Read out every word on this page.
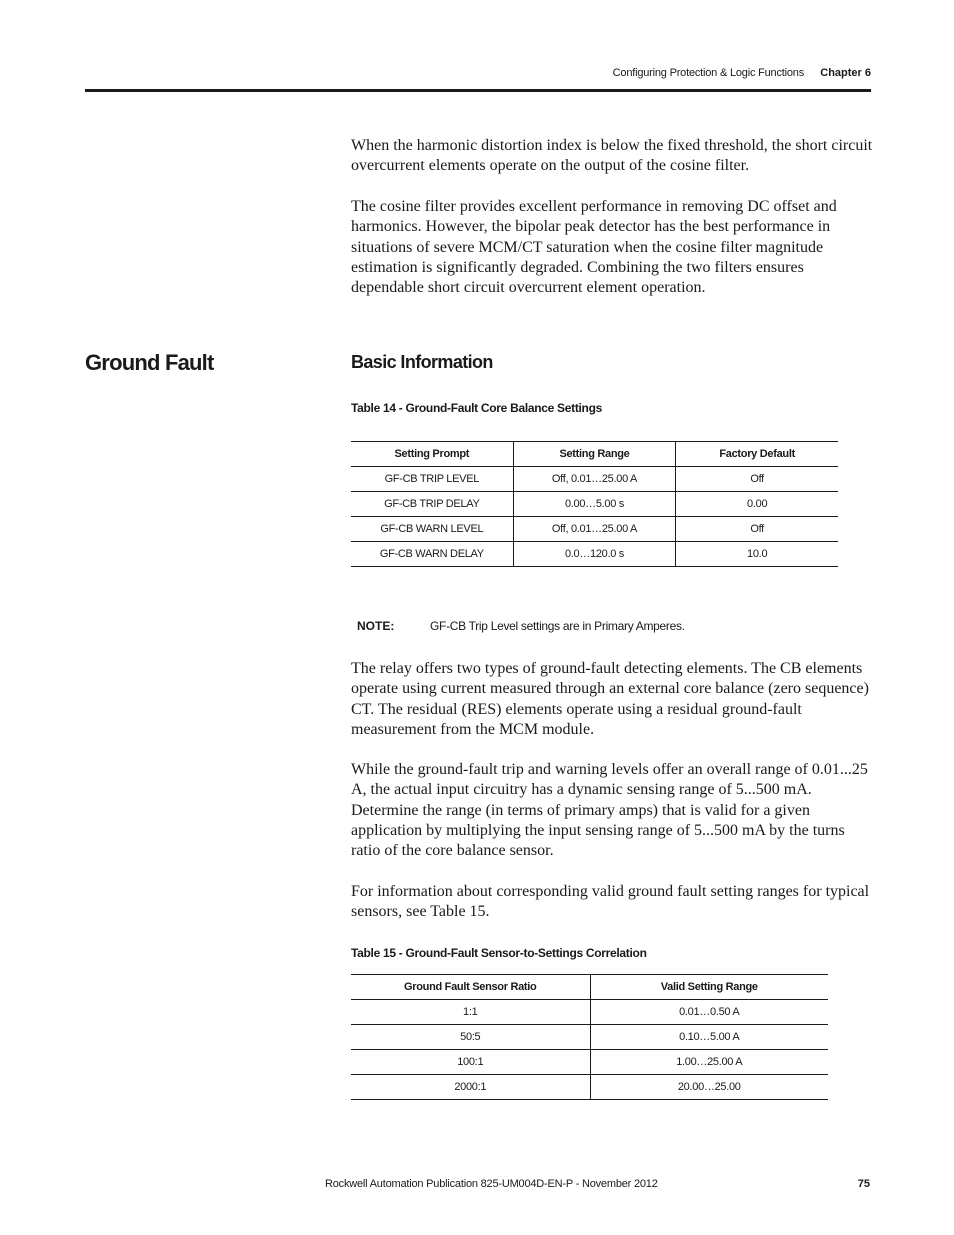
Configuring Protection & Logic Functions Chapter 6

When the harmonic distortion index is below the fixed threshold, the short circuit overcurrent elements operate on the output of the cosine filter.

The cosine filter provides excellent performance in removing DC offset and harmonics. However, the bipolar peak detector has the best performance in situations of severe MCM/CT saturation when the cosine filter magnitude estimation is significantly degraded. Combining the two filters ensures dependable short circuit overcurrent element operation.

Ground Fault	Basic Information
Table 14 - Ground-Fault Core Balance Settings
Setting Prompt	Setting Range	Factory Default
GF-CB TRIP LEVEL	Off, 0.01…25.00 A	Off
GF-CB TRIP DELAY	0.00…5.00 s	0.00
GF-CB WARN LEVEL	Off, 0.01…25.00 A	Off
GF-CB WARN DELAY	0.0…120.0 s	10.0
NOTE:	GF-CB Trip Level settings are in Primary Amperes.

The relay offers two types of ground-fault detecting elements. The CB elements operate using current measured through an external core balance (zero sequence) CT. The residual (RES) elements operate using a residual ground-fault measurement from the MCM module.

While the ground-fault trip and warning levels offer an overall range of 0.01...25 A, the actual input circuitry has a dynamic sensing range of 5...500 mA. Determine the range (in terms of primary amps) that is valid for a given application by multiplying the input sensing range of 5...500 mA by the turns ratio of the core balance sensor.

For information about corresponding valid ground fault setting ranges for typical sensors, see Table 15.

Table 15 - Ground-Fault Sensor-to-Settings Correlation
Ground Fault Sensor Ratio	Valid Setting Range
1:1	0.01…0.50 A
50:5	0.10…5.00 A
100:1	1.00…25.00 A
2000:1	20.00…25.00
Rockwell Automation Publication 825-UM004D-EN-P - November 2012	75
